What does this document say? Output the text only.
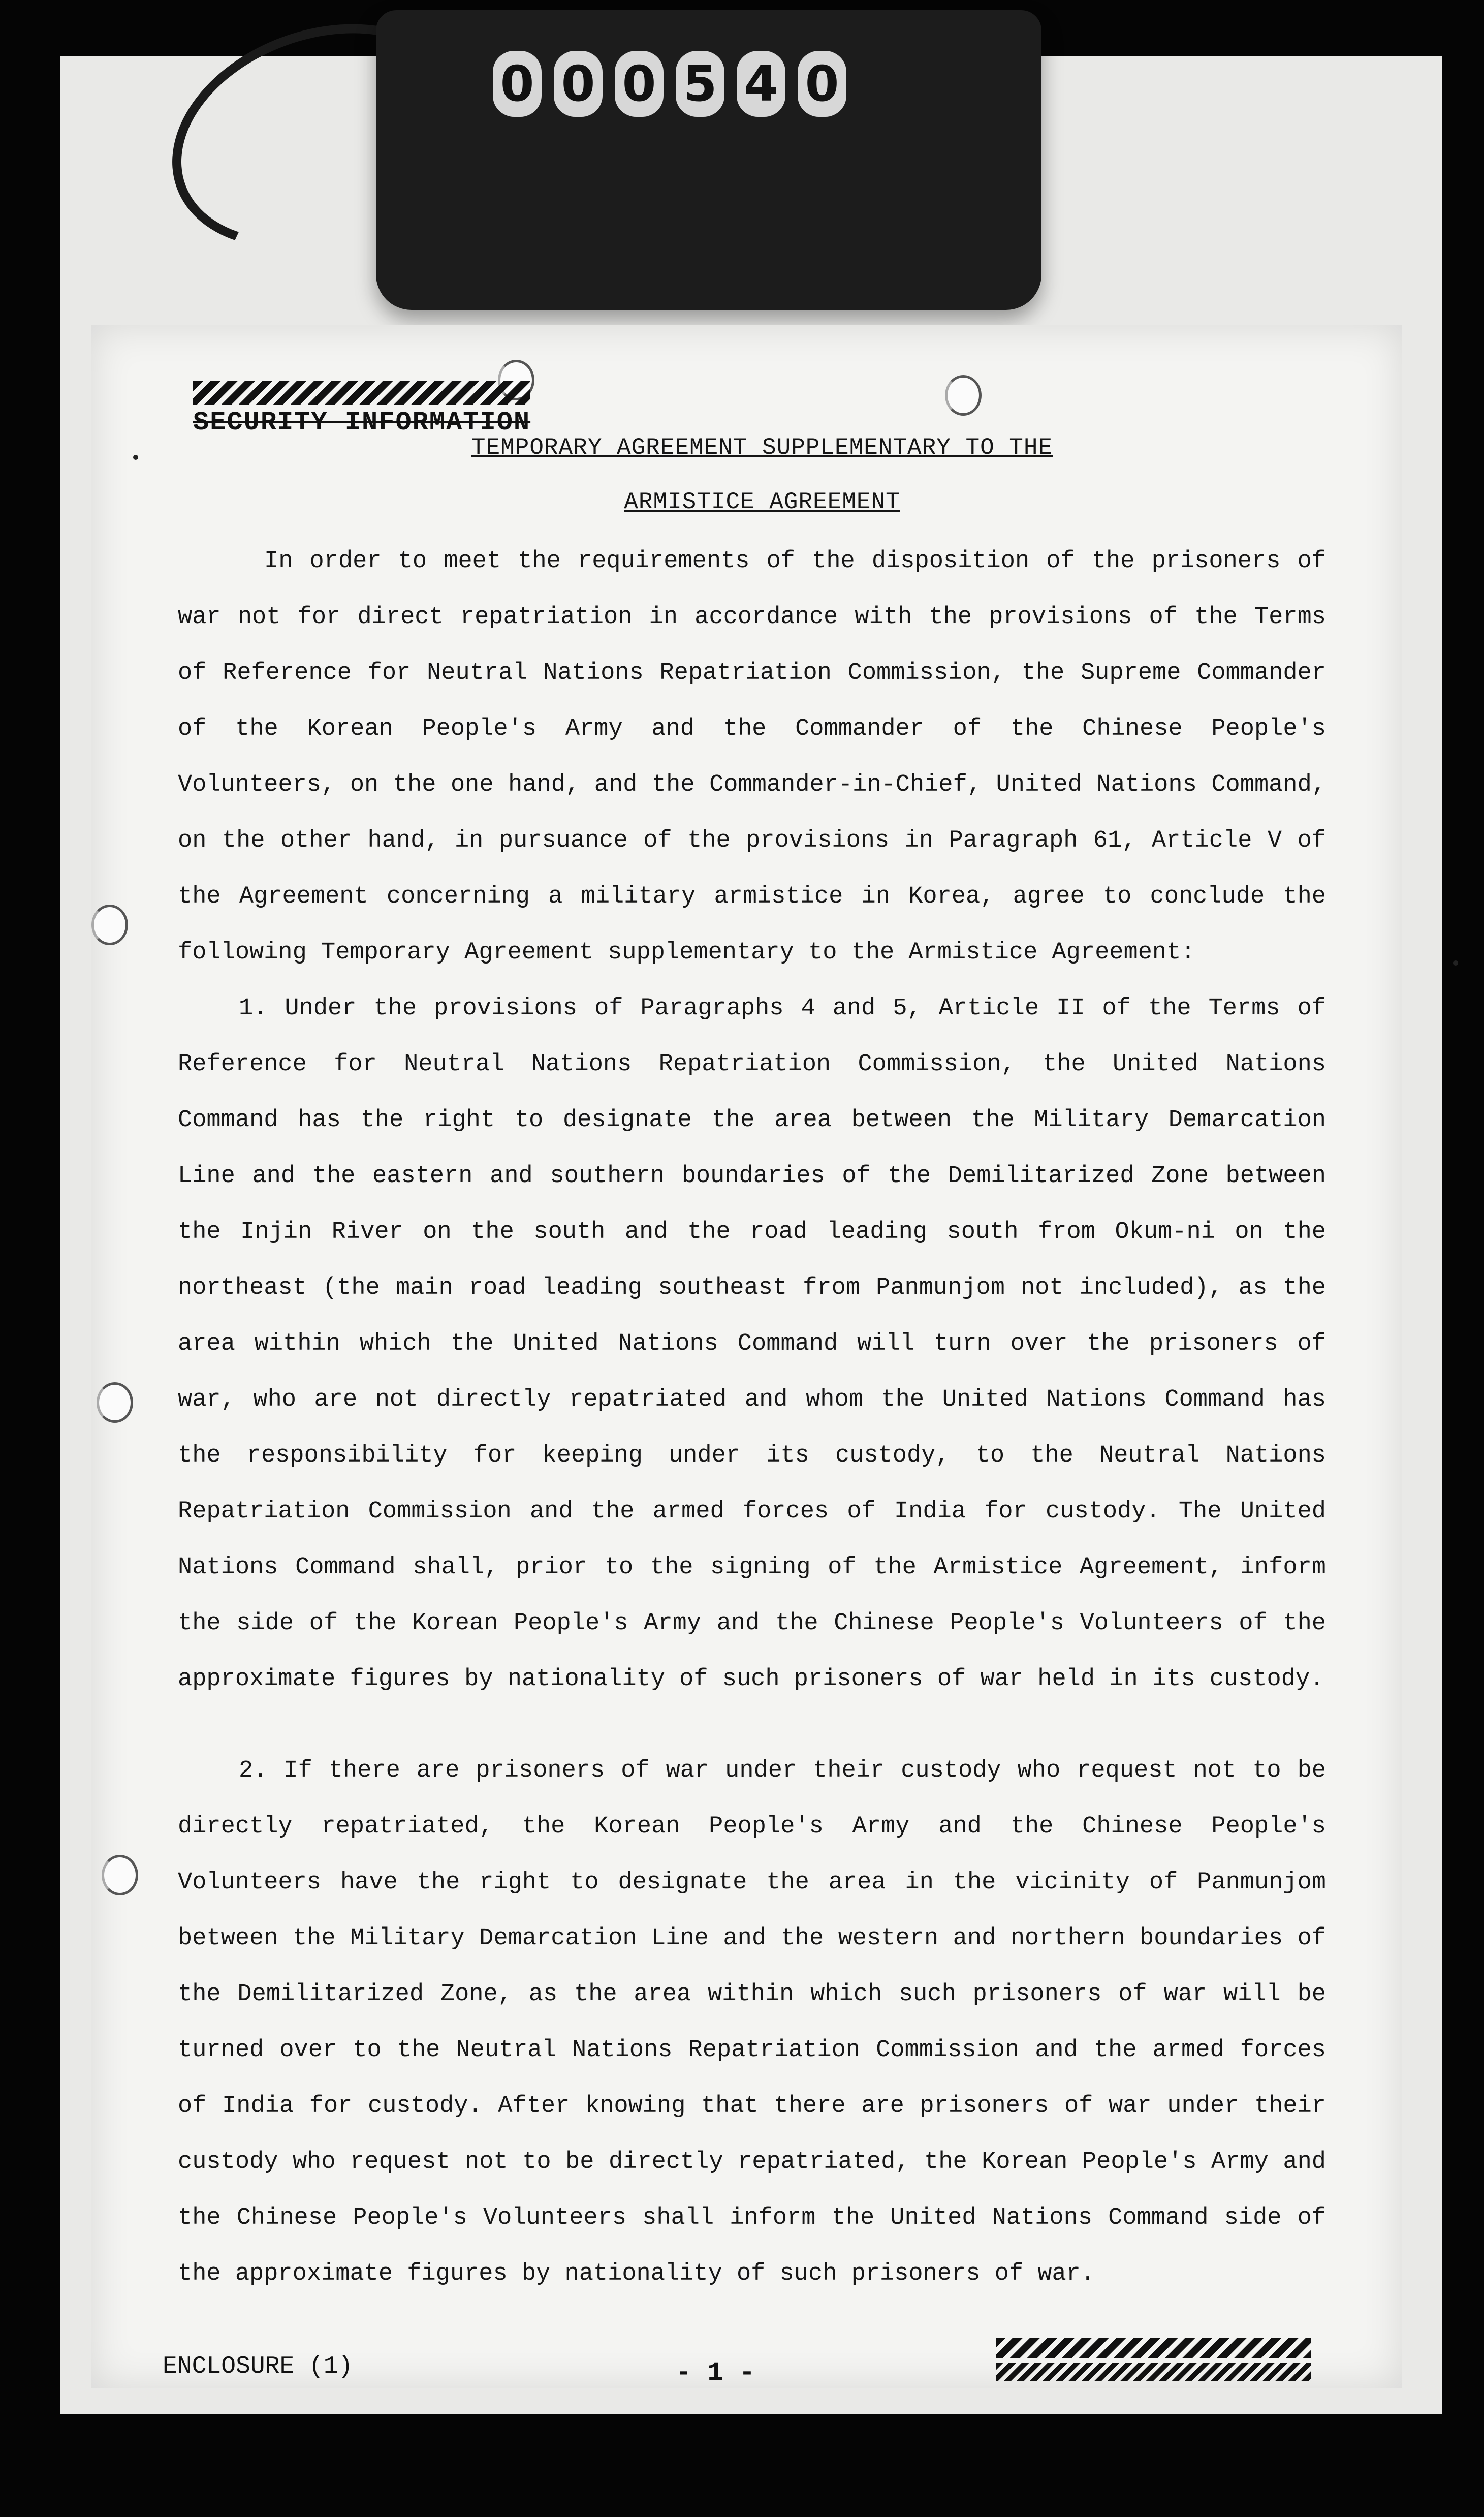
0 0 0 5 4 0
SECURITY INFORMATION
TEMPORARY AGREEMENT SUPPLEMENTARY TO THE
ARMISTICE AGREEMENT

In order to meet the requirements of the disposition of the prisoners of war not for direct repatriation in accordance with the provisions of the Terms of Reference for Neutral Nations Repatriation Commission, the Supreme Commander of the Korean People's Army and the Commander of the Chinese People's Volunteers, on the one hand, and the Commander-in-Chief, United Nations Command, on the other hand, in pursuance of the provisions in Paragraph 61, Article V of the Agreement concerning a military armistice in Korea, agree to conclude the following Temporary Agreement supplementary to the Armistice Agreement:

1. Under the provisions of Paragraphs 4 and 5, Article II of the Terms of Reference for Neutral Nations Repatriation Commission, the United Nations Command has the right to designate the area between the Military Demarcation Line and the eastern and southern boundaries of the Demilitarized Zone between the Injin River on the south and the road leading south from Okum-ni on the northeast (the main road leading southeast from Panmunjom not included), as the area within which the United Nations Command will turn over the prisoners of war, who are not directly repatriated and whom the United Nations Command has the responsibility for keeping under its custody, to the Neutral Nations Repatriation Commission and the armed forces of India for custody. The United Nations Command shall, prior to the signing of the Armistice Agreement, inform the side of the Korean People's Army and the Chinese People's Volunteers of the approximate figures by nationality of such prisoners of war held in its custody.

2. If there are prisoners of war under their custody who request not to be directly repatriated, the Korean People's Army and the Chinese People's Volunteers have the right to designate the area in the vicinity of Panmunjom between the Military Demarcation Line and the western and northern boundaries of the Demilitarized Zone, as the area within which such prisoners of war will be turned over to the Neutral Nations Repatriation Commission and the armed forces of India for custody. After knowing that there are prisoners of war under their custody who request not to be directly repatriated, the Korean People's Army and the Chinese People's Volunteers shall inform the United Nations Command side of the approximate figures by nationality of such prisoners of war.

ENCLOSURE (1)	- 1 -
